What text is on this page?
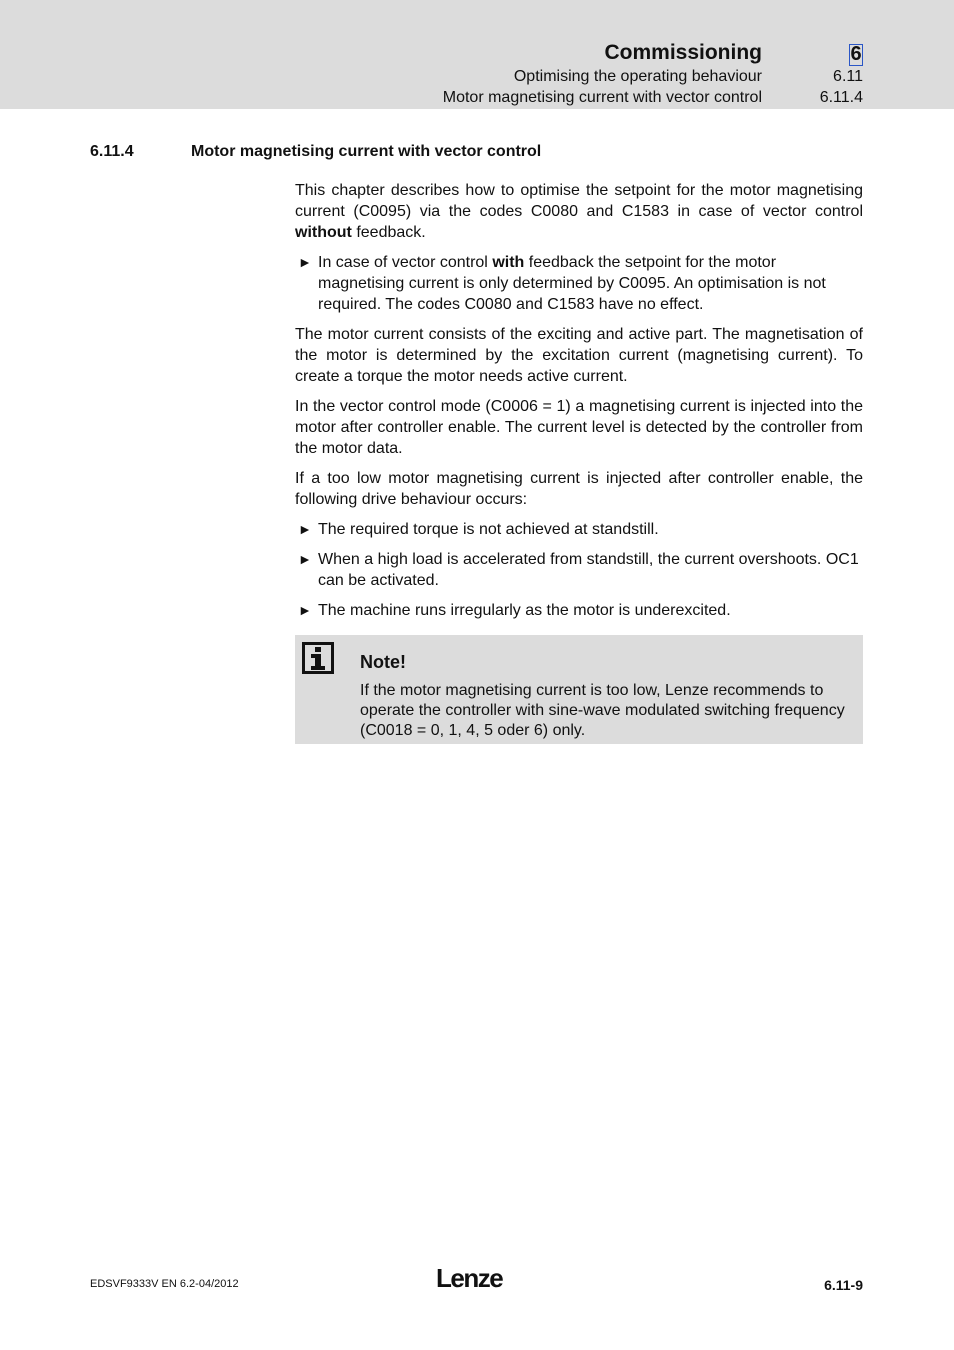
Commissioning	6
Optimising the operating behaviour	6.11
Motor magnetising current with vector control	6.11.4
6.11.4	Motor magnetising current with vector control

This chapter describes how to optimise the setpoint for the motor magnetising current (C0095) via the codes C0080 and C1583 in case of vector control without feedback.

► In case of vector control with feedback the setpoint for the motor magnetising current is only determined by C0095. An optimisation is not required. The codes C0080 and C1583 have no effect.

The motor current consists of the exciting and active part. The magnetisation of the motor is determined by the excitation current (magnetising current). To create a torque the motor needs active current.

In the vector control mode (C0006 = 1) a magnetising current is injected into the motor after controller enable. The current level is detected by the controller from the motor data.

If a too low motor magnetising current is injected after controller enable, the following drive behaviour occurs:

► The required torque is not achieved at standstill.
► When a high load is accelerated from standstill, the current overshoots. OC1 can be activated.
► The machine runs irregularly as the motor is underexcited.
Note!
If the motor magnetising current is too low, Lenze recommends to operate the controller with sine-wave modulated switching frequency (C0018 = 0, 1, 4, 5 oder 6) only.
EDSVF9333V EN 6.2-04/2012	Lenze	6.11-9
